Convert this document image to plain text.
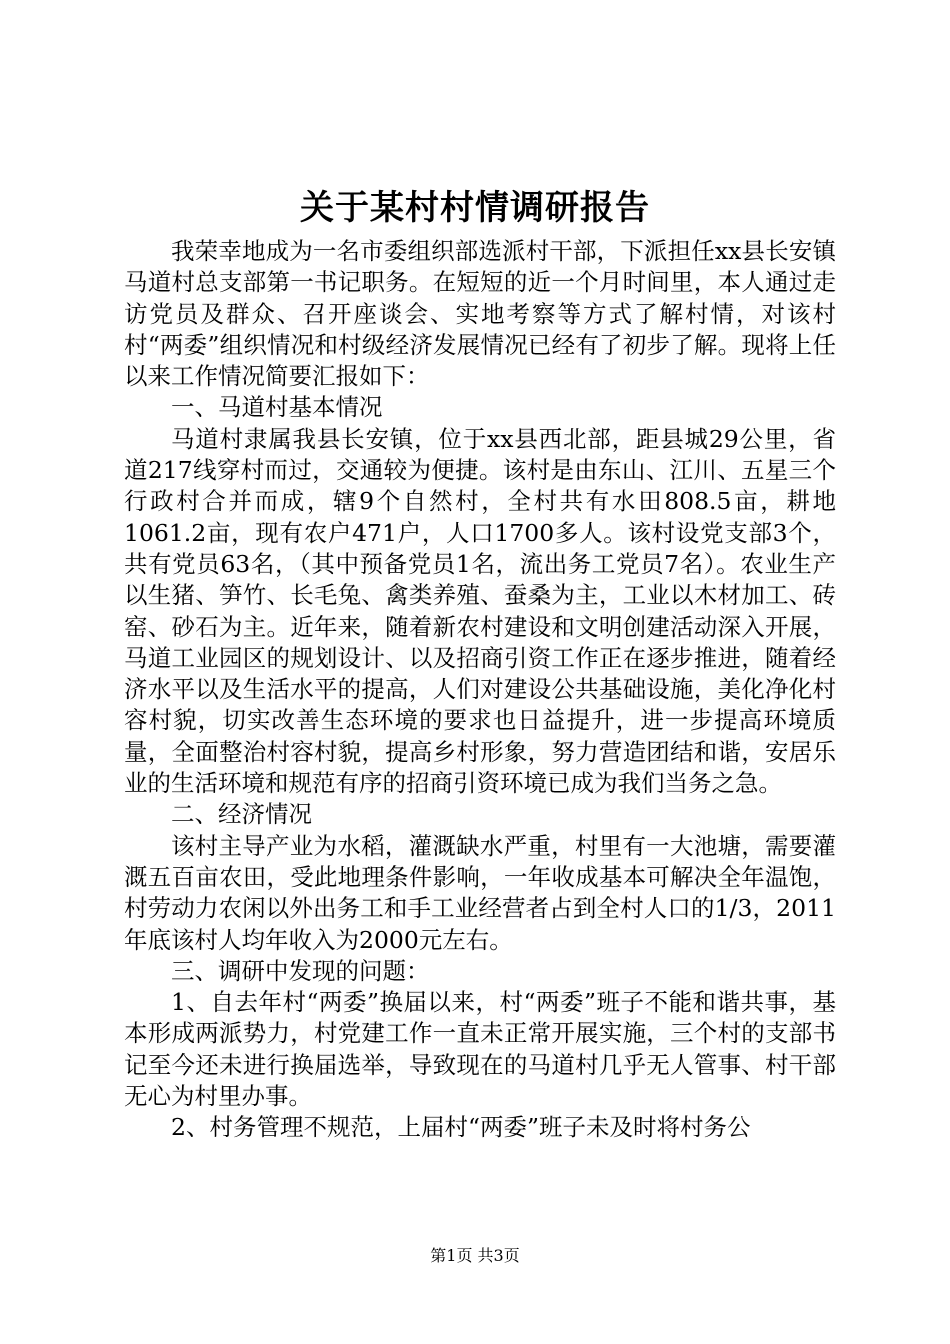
关于某村村情调研报告

我荣幸地成为一名市委组织部选派村干部，下派担任xx县长安镇马道村总支部第一书记职务。在短短的近一个月时间里，本人通过走访党员及群众、召开座谈会、实地考察等方式了解村情，对该村村“两委”组织情况和村级经济发展情况已经有了初步了解。现将上任以来工作情况简要汇报如下：

一、马道村基本情况

马道村隶属我县长安镇，位于xx县西北部，距县城29公里，省道217线穿村而过，交通较为便捷。该村是由东山、江川、五星三个行政村合并而成，辖9个自然村，全村共有水田808.5亩，耕地1061.2亩，现有农户471户，人口1700多人。该村设党支部3个，共有党员63名，（其中预备党员1名，流出务工党员7名）。农业生产以生猪、笋竹、长毛兔、禽类养殖、蚕桑为主，工业以木材加工、砖窑、砂石为主。近年来，随着新农村建设和文明创建活动深入开展，马道工业园区的规划设计、以及招商引资工作正在逐步推进，随着经济水平以及生活水平的提高，人们对建设公共基础设施，美化净化村容村貌，切实改善生态环境的要求也日益提升，进一步提高环境质量，全面整治村容村貌，提高乡村形象，努力营造团结和谐，安居乐业的生活环境和规范有序的招商引资环境已成为我们当务之急。

二、经济情况

该村主导产业为水稻，灌溉缺水严重，村里有一大池塘，需要灌溉五百亩农田，受此地理条件影响，一年收成基本可解决全年温饱，村劳动力农闲以外出务工和手工业经营者占到全村人口的1/3，2011年底该村人均年收入为2000元左右。

三、调研中发现的问题：

1、自去年村“两委”换届以来，村“两委”班子不能和谐共事，基本形成两派势力，村党建工作一直未正常开展实施，三个村的支部书记至今还未进行换届选举，导致现在的马道村几乎无人管事、村干部无心为村里办事。

2、村务管理不规范，上届村“两委”班子未及时将村务公

第1页 共3页
